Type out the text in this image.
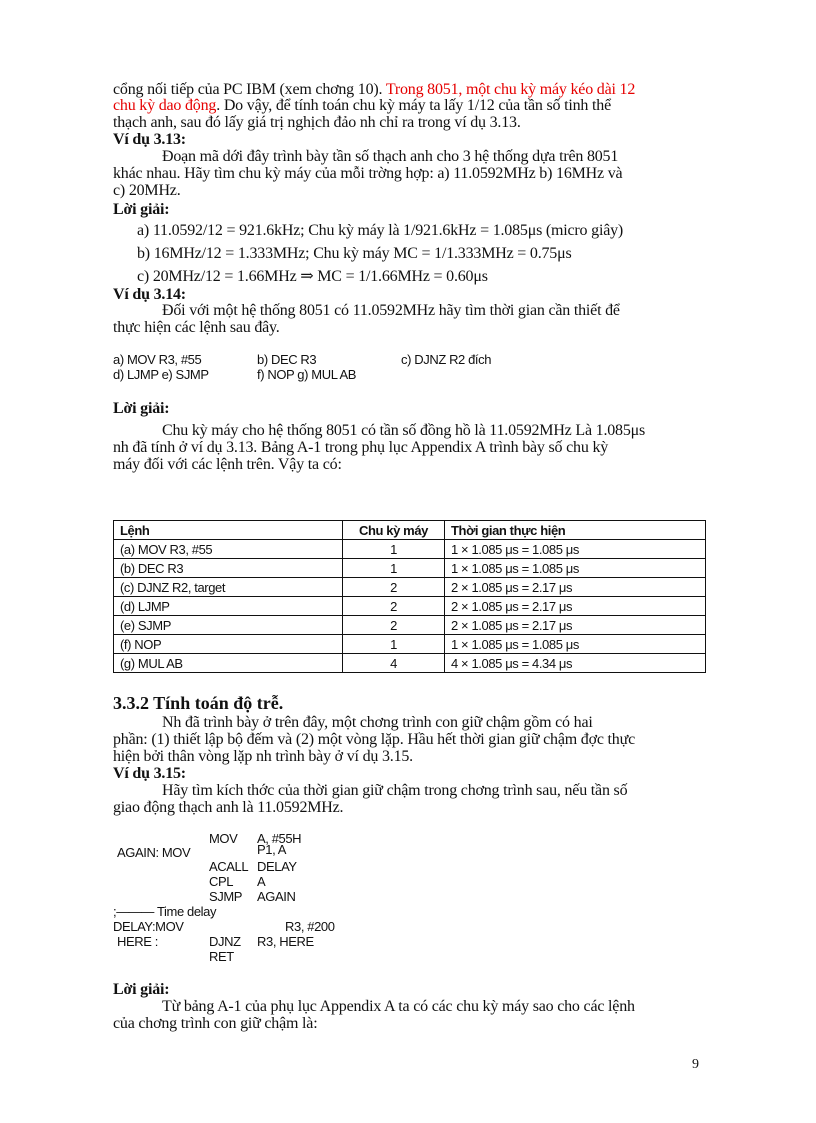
cổng nối tiếp của PC IBM (xem chơng 10). Trong 8051, một chu kỳ máy kéo dài 12
chu kỳ dao động. Do vậy, để tính toán chu kỳ máy ta lấy 1/12 của tần số tinh thể
thạch anh, sau đó lấy giá trị nghịch đảo nh chỉ ra trong ví dụ 3.13.
Ví dụ 3.13:
Đoạn mã dới đây trình bày tần số thạch anh cho 3 hệ thống dựa trên 8051
khác nhau. Hãy tìm chu kỳ máy của mỗi trờng hợp: a) 11.0592MHz b) 16MHz và
c) 20MHz.
Lời giải:
a) 11.0592/12 = 921.6kHz; Chu kỳ máy là 1/921.6kHz = 1.085μs (micro giây)
b) 16MHz/12 = 1.333MHz; Chu kỳ máy MC = 1/1.333MHz = 0.75μs
c) 20MHz/12 = 1.66MHz ⇒ MC = 1/1.66MHz = 0.60μs
Ví dụ 3.14:
Đối với một hệ thống 8051 có 11.0592MHz hãy tìm thời gian cần thiết để
thực hiện các lệnh sau đây.
a) MOV R3, #55	b) DEC R3	c) DJNZ R2 đích
d) LJMP e) SJMP	f) NOP g) MUL AB
Lời giải:
Chu kỳ máy cho hệ thống 8051 có tần số đồng hồ là 11.0592MHz Là 1.085μs
nh đã tính ở ví dụ 3.13. Bảng A-1 trong phụ lục Appendix A trình bày số chu kỳ
máy đối với các lệnh trên. Vậy ta có:
Lệnh	Chu kỳ máy	Thời gian thực hiện
(a) MOV R3, #55	1	1 × 1.085 μs = 1.085 μs
(b) DEC R3	1	1 × 1.085 μs = 1.085 μs
(c) DJNZ R2, target	2	2 × 1.085 μs = 2.17 μs
(d) LJMP	2	2 × 1.085 μs = 2.17 μs
(e) SJMP	2	2 × 1.085 μs = 2.17 μs
(f) NOP	1	1 × 1.085 μs = 1.085 μs
(g) MUL AB	4	4 × 1.085 μs = 4.34 μs
3.3.2 Tính toán độ trễ.
Nh đã trình bày ở trên đây, một chơng trình con giữ chậm gồm có hai
phần: (1) thiết lập bộ đếm và (2) một vòng lặp. Hầu hết thời gian giữ chậm đợc thực
hiện bởi thân vòng lặp nh trình bày ở ví dụ 3.15.
Ví dụ 3.15:
Hãy tìm kích thớc của thời gian giữ chậm trong chơng trình sau, nếu tần số
giao động thạch anh là 11.0592MHz.
MOV A, #55H
AGAIN: MOV	P1, A
ACALL DELAY
CPL A
SJMP AGAIN
;——— Time delay
DELAY:MOV	R3, #200
HERE :	DJNZ R3, HERE
RET
Lời giải:
Từ bảng A-1 của phụ lục Appendix A ta có các chu kỳ máy sao cho các lệnh
của chơng trình con giữ chậm là:
9
